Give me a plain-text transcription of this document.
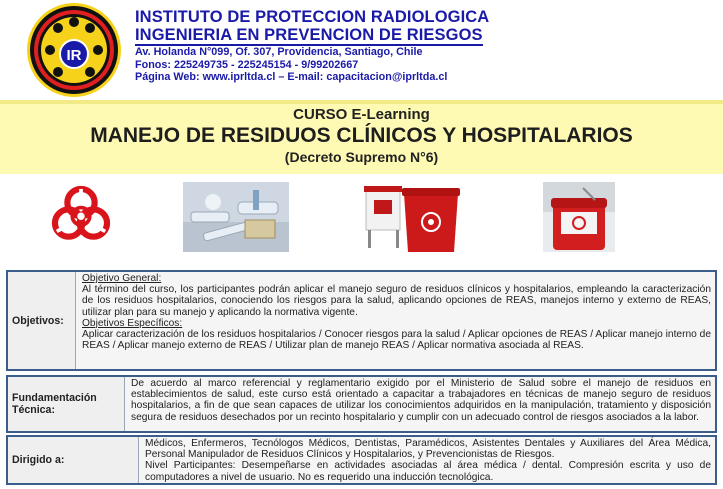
IR
INSTITUTO DE PROTECCION RADIOLOGICA
INGENIERIA EN PREVENCION DE RIESGOS
Av. Holanda N°099, Of. 307, Providencia, Santiago, Chile
Fonos: 225249735 - 225245154 - 9/99202667
Página Web: www.iprltda.cl – E-mail: capacitacion@iprltda.cl
CURSO E-Learning
MANEJO DE RESIDUOS CLÍNICOS Y HOSPITALARIOS
(Decreto Supremo N°6)
Objetivos:
Objetivo General:
Al término del curso, los participantes podrán aplicar el manejo seguro de residuos clínicos y hospitalarios, empleando la caracterización de los residuos hospitalarios, conociendo los riesgos para la salud, aplicando opciones de REAS, manejos interno y externo de REAS, utilizar plan para su manejo y aplicando la normativa vigente.
Objetivos Específicos:
Aplicar caracterización de los residuos hospitalarios / Conocer riesgos para la salud / Aplicar opciones de REAS / Aplicar manejo interno de REAS / Aplicar manejo externo de REAS / Utilizar plan de manejo REAS / Aplicar normativa asociada al REAS.
Fundamentación
Técnica:
De acuerdo al marco referencial y reglamentario exigido por el Ministerio de Salud sobre el manejo de residuos en establecimientos de salud, este curso está orientado a capacitar a trabajadores en técnicas de manejo seguro de residuos hospitalarios, a fin de que sean capaces de utilizar los conocimientos adquiridos en la manipulación, tratamiento y disposición segura de residuos desechados por un recinto hospitalario y cumplir con un adecuado control de riesgos asociados a la labor.
Dirigido a:
Médicos, Enfermeros, Tecnólogos Médicos, Dentistas, Paramédicos, Asistentes Dentales y Auxiliares del Área Médica, Personal Manipulador de Residuos Clínicos y Hospitalarios, y Prevencionistas de Riesgos.
Nivel Participantes: Desempeñarse en actividades asociadas al área médica / dental. Compresión escrita y uso de computadores a nivel de usuario. No es requerido una inducción tecnológica.
